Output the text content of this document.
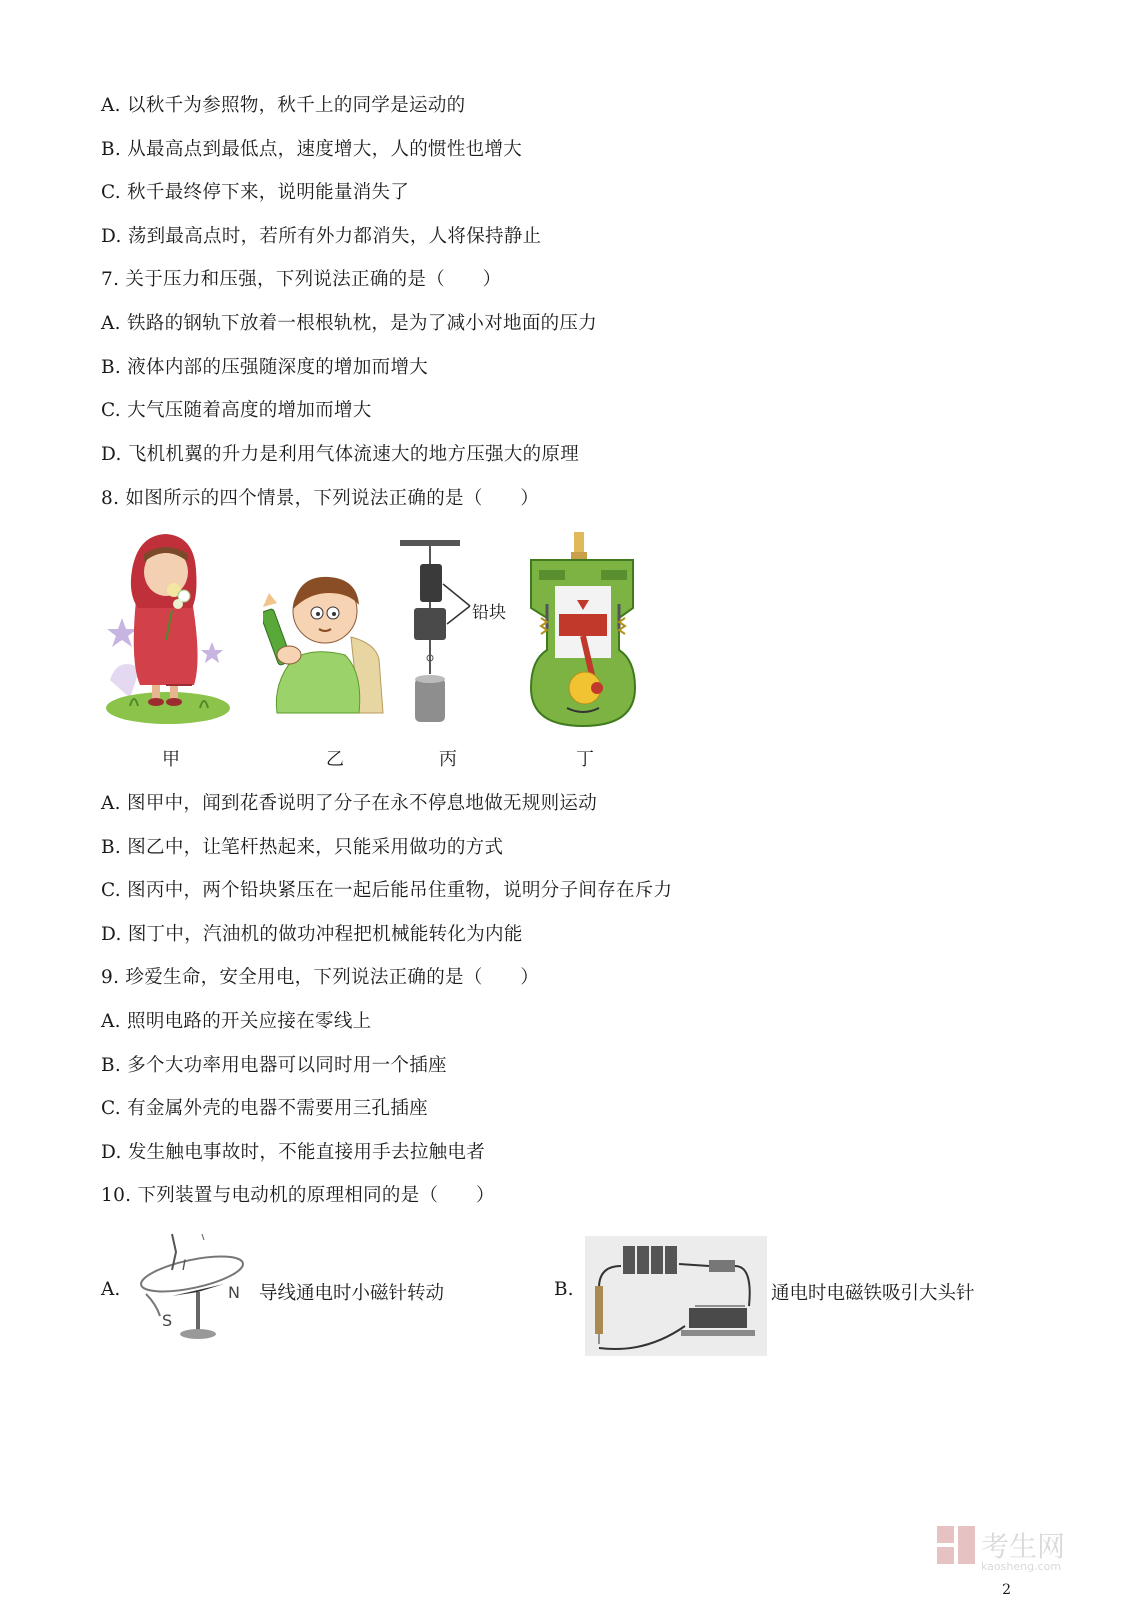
A. 以秋千为参照物，秋千上的同学是运动的
B. 从最高点到最低点，速度增大，人的惯性也增大
C. 秋千最终停下来，说明能量消失了
D. 荡到最高点时，若所有外力都消失，人将保持静止
7. 关于压力和压强，下列说法正确的是（　　）
A. 铁路的钢轨下放着一根根轨枕，是为了减小对地面的压力
B. 液体内部的压强随深度的增加而增大
C. 大气压随着高度的增加而增大
D. 飞机机翼的升力是利用气体流速大的地方压强大的原理
8. 如图所示的四个情景，下列说法正确的是（　　）
铅块
甲	乙	丙	丁
A. 图甲中，闻到花香说明了分子在永不停息地做无规则运动
B. 图乙中，让笔杆热起来，只能采用做功的方式
C. 图丙中，两个铅块紧压在一起后能吊住重物，说明分子间存在斥力
D. 图丁中，汽油机的做功冲程把机械能转化为内能
9. 珍爱生命，安全用电，下列说法正确的是（　　）
A. 照明电路的开关应接在零线上
B. 多个大功率用电器可以同时用一个插座
C. 有金属外壳的电器不需要用三孔插座
D. 发生触电事故时，不能直接用手去拉触电者
10. 下列装置与电动机的原理相同的是（　　）
A.
I
S
N 导线通电时小磁针转动	B.	通电时电磁铁吸引大头针
考生网
kaosheng.com
2
